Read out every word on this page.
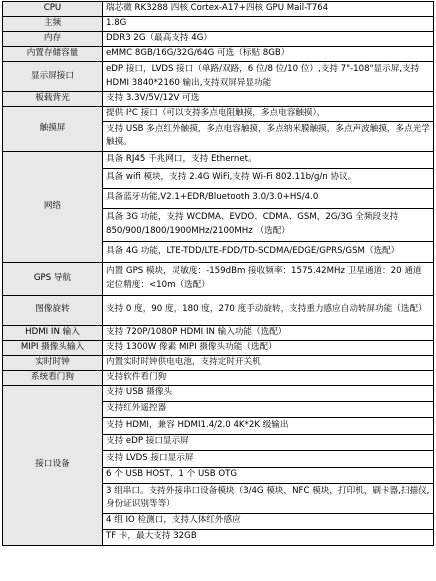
CPU	瑞芯微 RK3288 四核 Cortex-A17+四核 GPU Mail-T764
主频	1.8G
内存	DDR3 2G（最高支持 4G）
内置存储容量	eMMC 8GB/16G/32G/64G 可选（标贴 8GB）
显示屏接口	eDP 接口，LVDS 接口（单路/双路，6 位/8 位/10 位）,支持 7"-108"显示屏,支持 HDMI 3840*2160 输出,支持双屏异显功能
板载背光	支持 3.3V/5V/12V 可选
触摸屏	提供 I²C 接口（可以支持多点电阻触摸，多点电容触摸），
	支持 USB 多点红外触摸，多点电容触摸，多点纳米膜触摸，多点声波触摸，多点光学触摸。
网络	具备 RJ45 千兆网口，支持 Ethernet。
	具备 wifi 模块，支持 2.4G WiFi,支持 Wi-Fi 802.11b/g/n 协议。
	具备蓝牙功能,V2.1+EDR/Bluetooth 3.0/3.0+HS/4.0
	具备 3G 功能，支持 WCDMA、EVDO、CDMA、GSM，2G/3G 全频段支持 850/900/1800/1900MHz/2100MHz （选配）
	具备 4G 功能，LTE-TDD/LTE-FDD/TD-SCDMA/EDGE/GPRS/GSM（选配）
GPS 导航	内置 GPS 模块，灵敏度：-159dBm 接收频率：1575.42MHz 卫星通道：20 通道 定位精度：<10m（选配）
图像旋转	支持 0 度，90 度，180 度，270 度手动旋转，支持重力感应自动转屏功能（选配）
HDMI IN 输入	支持 720P/1080P HDMI IN 输入功能（选配）
MIPI 摄像头输入	支持 1300W 像素 MIPI 摄像头功能（选配）
实时时钟	内置实时时钟供电电池，支持定时开关机
系统看门狗	支持软件看门狗
接口设备	支持 USB 摄像头
	支持红外遥控器
	支持 HDMI，兼容 HDMI1.4/2.0 4K*2K 级输出
	支持 eDP 接口显示屏
	支持 LVDS 接口显示屏
	6 个 USB HOST、1 个 USB OTG
	3 组串口。支持外接串口设备模块（3/4G 模块，NFC 模块，打印机，刷卡器,扫描仪,身份证识别等等）
	4 组 IO 检测口，支持人体红外感应
	TF 卡，最大支持 32GB
